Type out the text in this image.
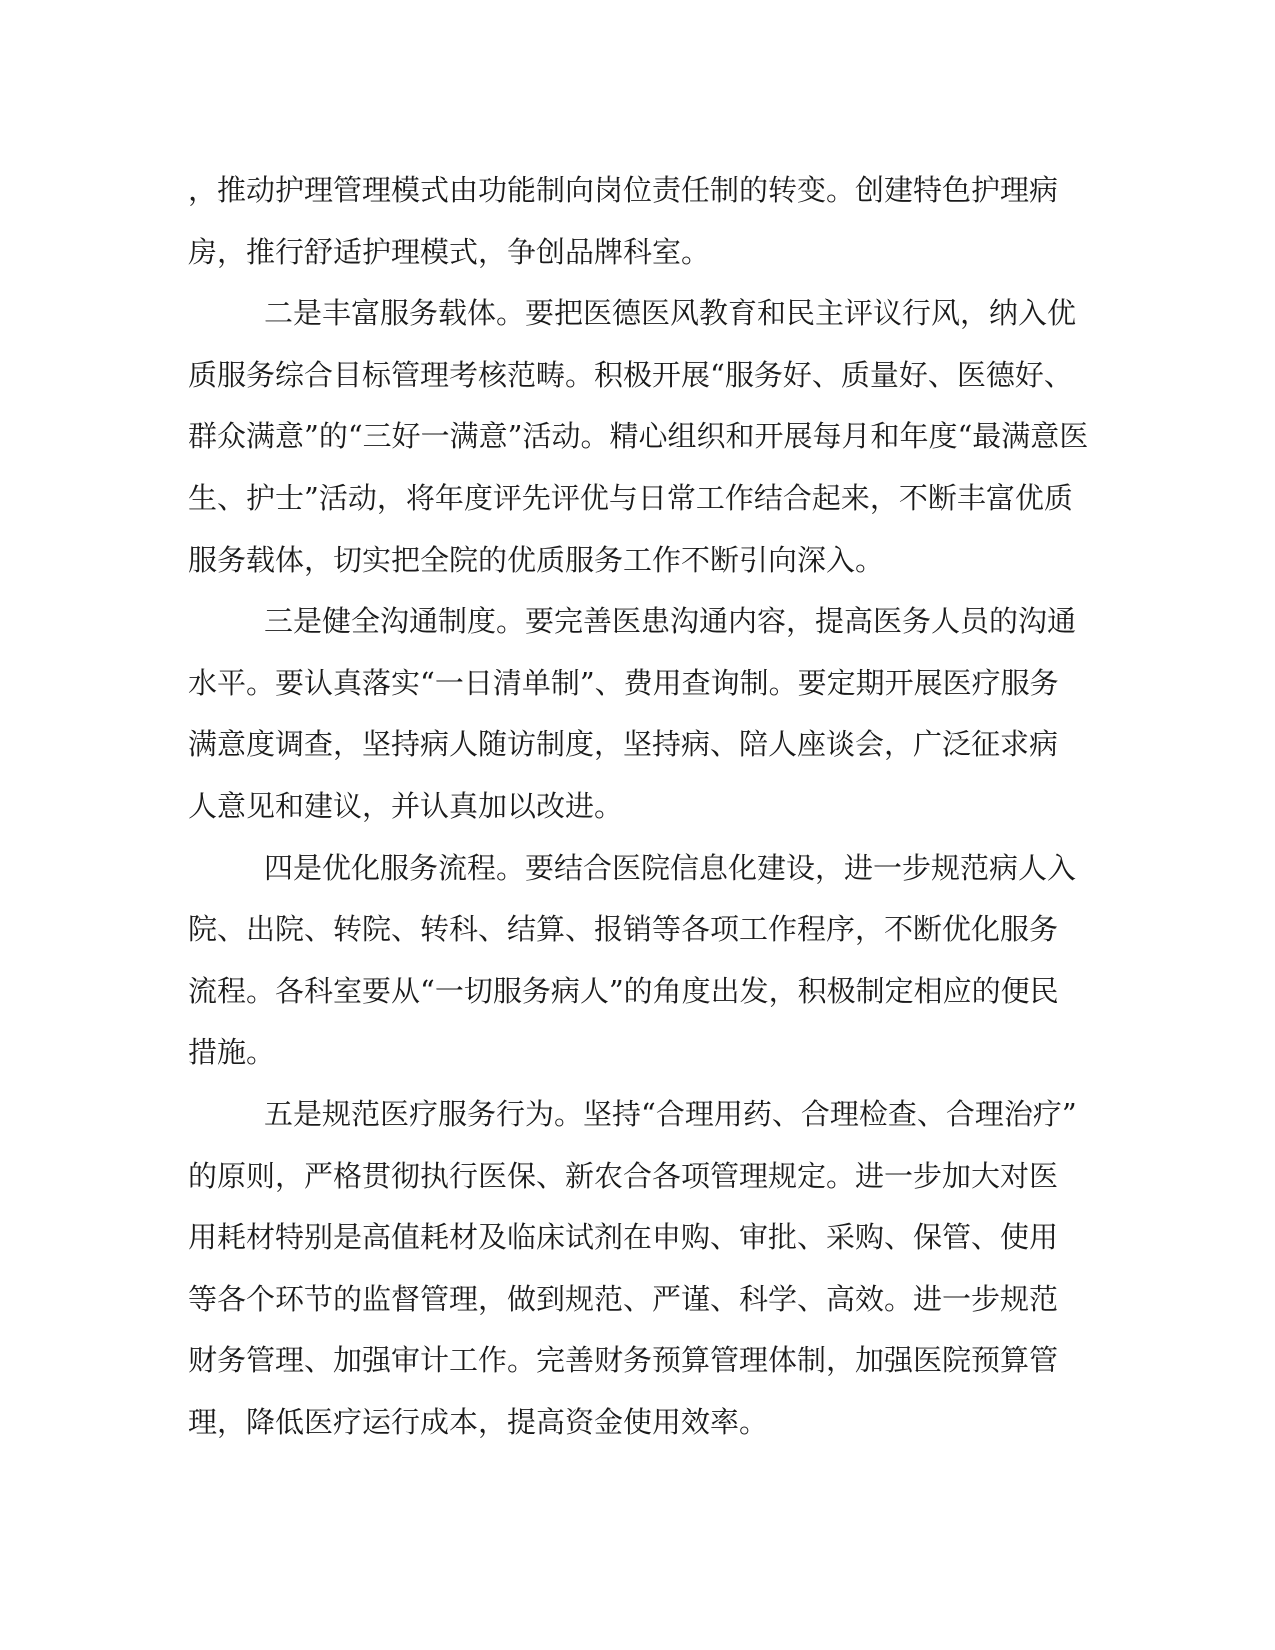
，推动护理管理模式由功能制向岗位责任制的转变。创建特色护理病
房，推行舒适护理模式，争创品牌科室。
二是丰富服务载体。要把医德医风教育和民主评议行风，纳入优
质服务综合目标管理考核范畴。积极开展“服务好、质量好、医德好、
群众满意”的“三好一满意”活动。精心组织和开展每月和年度“最满意医
生、护士”活动，将年度评先评优与日常工作结合起来，不断丰富优质
服务载体，切实把全院的优质服务工作不断引向深入。
三是健全沟通制度。要完善医患沟通内容，提高医务人员的沟通
水平。要认真落实“一日清单制”、费用查询制。要定期开展医疗服务
满意度调查，坚持病人随访制度，坚持病、陪人座谈会，广泛征求病
人意见和建议，并认真加以改进。
四是优化服务流程。要结合医院信息化建设，进一步规范病人入
院、出院、转院、转科、结算、报销等各项工作程序，不断优化服务
流程。各科室要从“一切服务病人”的角度出发，积极制定相应的便民
措施。
五是规范医疗服务行为。坚持“合理用药、合理检查、合理治疗”
的原则，严格贯彻执行医保、新农合各项管理规定。进一步加大对医
用耗材特别是高值耗材及临床试剂在申购、审批、采购、保管、使用
等各个环节的监督管理，做到规范、严谨、科学、高效。进一步规范
财务管理、加强审计工作。完善财务预算管理体制，加强医院预算管
理，降低医疗运行成本，提高资金使用效率。
